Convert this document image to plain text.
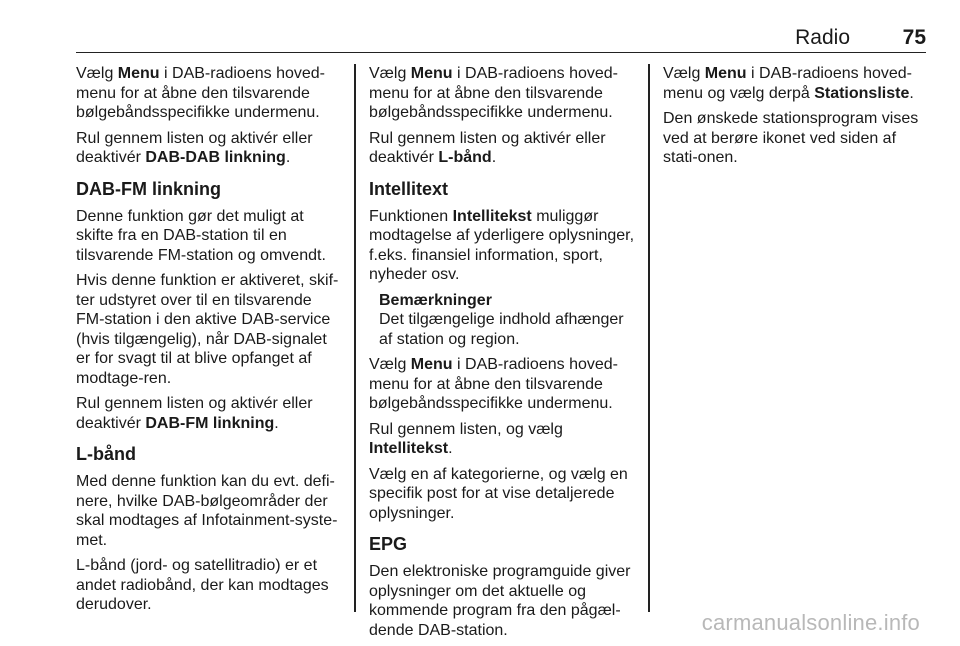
Radio	75

Vælg Menu i DAB-radioens hoved-menu for at åbne den tilsvarende bølgebåndsspecifikke undermenu.

Rul gennem listen og aktivér eller deaktivér DAB-DAB linkning.

DAB-FM linkning

Denne funktion gør det muligt at skifte fra en DAB-station til en tilsvarende FM-station og omvendt.

Hvis denne funktion er aktiveret, skif-ter udstyret over til en tilsvarende FM-station i den aktive DAB-service (hvis tilgængelig), når DAB-signalet er for svagt til at blive opfanget af modtage-ren.

Rul gennem listen og aktivér eller deaktivér DAB-FM linkning.

L-bånd

Med denne funktion kan du evt. defi-nere, hvilke DAB-bølgeområder der skal modtages af Infotainment-syste-met.

L-bånd (jord- og satellitradio) er et andet radiobånd, der kan modtages derudover.

Vælg Menu i DAB-radioens hoved-menu for at åbne den tilsvarende bølgebåndsspecifikke undermenu.

Rul gennem listen og aktivér eller deaktivér L-bånd.

Intellitext

Funktionen Intellitekst muliggør modtagelse af yderligere oplysninger, f.eks. finansiel information, sport, nyheder osv.

Bemærkninger
Det tilgængelige indhold afhænger af station og region.

Vælg Menu i DAB-radioens hoved-menu for at åbne den tilsvarende bølgebåndsspecifikke undermenu.

Rul gennem listen, og vælg Intellitekst.

Vælg en af kategorierne, og vælg en specifik post for at vise detaljerede oplysninger.

EPG

Den elektroniske programguide giver oplysninger om det aktuelle og kommende program fra den pågæl-dende DAB-station.

Vælg Menu i DAB-radioens hoved-menu og vælg derpå Stationsliste.

Den ønskede stationsprogram vises ved at berøre ikonet ved siden af stati-onen.

carmanualsonline.info
